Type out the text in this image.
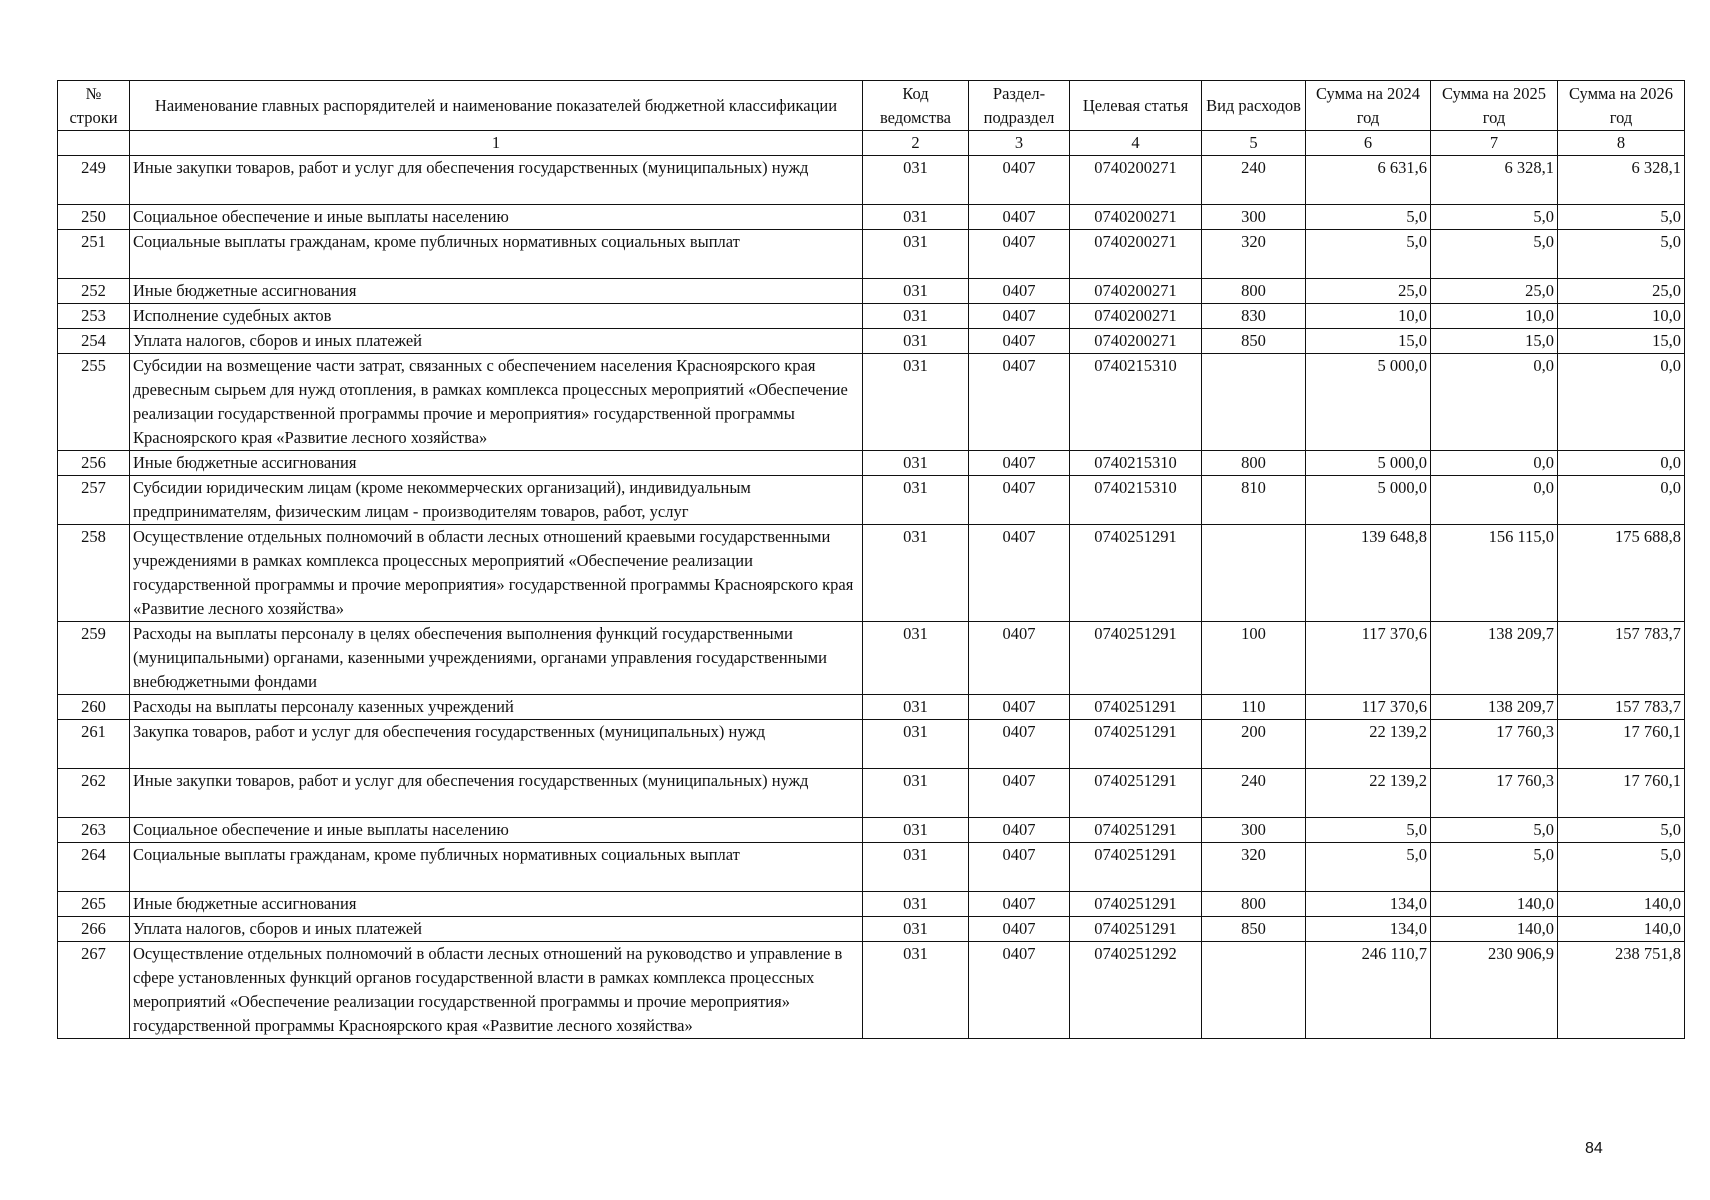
№ строки	Наименование главных распорядителей и наименование показателей бюджетной классификации	Код ведомства	Раздел-подраздел	Целевая статья	Вид расходов	Сумма на 2024 год	Сумма на 2025 год	Сумма на 2026 год
	1	2	3	4	5	6	7	8
249	Иные закупки товаров, работ и услуг для обеспечения государственных (муниципальных) нужд	031	0407	0740200271	240	6 631,6	6 328,1	6 328,1
250	Социальное обеспечение и иные выплаты населению	031	0407	0740200271	300	5,0	5,0	5,0
251	Социальные выплаты гражданам, кроме публичных нормативных социальных выплат	031	0407	0740200271	320	5,0	5,0	5,0
252	Иные бюджетные ассигнования	031	0407	0740200271	800	25,0	25,0	25,0
253	Исполнение судебных актов	031	0407	0740200271	830	10,0	10,0	10,0
254	Уплата налогов, сборов и иных платежей	031	0407	0740200271	850	15,0	15,0	15,0
255	Субсидии на возмещение части затрат, связанных с обеспечением населения Красноярского края древесным сырьем для нужд отопления, в рамках комплекса процессных мероприятий «Обеспечение реализации государственной программы прочие и мероприятия» государственной программы Красноярского края «Развитие лесного хозяйства»	031	0407	0740215310		5 000,0	0,0	0,0
256	Иные бюджетные ассигнования	031	0407	0740215310	800	5 000,0	0,0	0,0
257	Субсидии юридическим лицам (кроме некоммерческих организаций), индивидуальным предпринимателям, физическим лицам - производителям товаров, работ, услуг	031	0407	0740215310	810	5 000,0	0,0	0,0
258	Осуществление отдельных полномочий в области лесных отношений краевыми государственными учреждениями в рамках комплекса процессных мероприятий «Обеспечение реализации государственной программы и прочие мероприятия» государственной программы Красноярского края «Развитие лесного хозяйства»	031	0407	0740251291		139 648,8	156 115,0	175 688,8
259	Расходы на выплаты персоналу в целях обеспечения выполнения функций государственными (муниципальными) органами, казенными учреждениями, органами управления государственными внебюджетными фондами	031	0407	0740251291	100	117 370,6	138 209,7	157 783,7
260	Расходы на выплаты персоналу казенных учреждений	031	0407	0740251291	110	117 370,6	138 209,7	157 783,7
261	Закупка товаров, работ и услуг для обеспечения государственных (муниципальных) нужд	031	0407	0740251291	200	22 139,2	17 760,3	17 760,1
262	Иные закупки товаров, работ и услуг для обеспечения государственных (муниципальных) нужд	031	0407	0740251291	240	22 139,2	17 760,3	17 760,1
263	Социальное обеспечение и иные выплаты населению	031	0407	0740251291	300	5,0	5,0	5,0
264	Социальные выплаты гражданам, кроме публичных нормативных социальных выплат	031	0407	0740251291	320	5,0	5,0	5,0
265	Иные бюджетные ассигнования	031	0407	0740251291	800	134,0	140,0	140,0
266	Уплата налогов, сборов и иных платежей	031	0407	0740251291	850	134,0	140,0	140,0
267	Осуществление отдельных полномочий в области лесных отношений на руководство и управление в сфере установленных функций органов государственной власти в рамках комплекса процессных мероприятий «Обеспечение реализации государственной программы и прочие мероприятия» государственной программы Красноярского края «Развитие лесного хозяйства»	031	0407	0740251292		246 110,7	230 906,9	238 751,8
84
